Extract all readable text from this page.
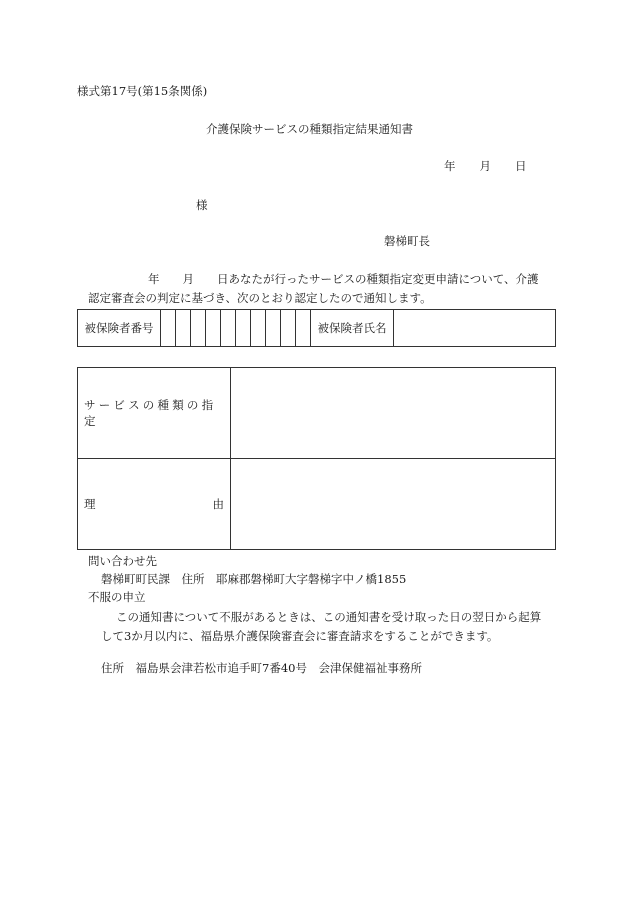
様式第17号(第15条関係)
介護保険サービスの種類指定結果通知書
年 月 日
様
磐梯町長
年　　月　　日あなたが行ったサービスの種類指定変更申請について、介護
認定審査会の判定に基づき、次のとおり認定したので通知します。
被保険者番号											被保険者氏名	
サービスの種類の指定	

理 由	

問い合わせ先
磐梯町町民課　住所　耶麻郡磐梯町大字磐梯字中ノ橋1855
不服の申立
この通知書について不服があるときは、この通知書を受け取った日の翌日から起算
して3か月以内に、福島県介護保険審査会に審査請求をすることができます。
住所　福島県会津若松市追手町7番40号　会津保健福祉事務所
